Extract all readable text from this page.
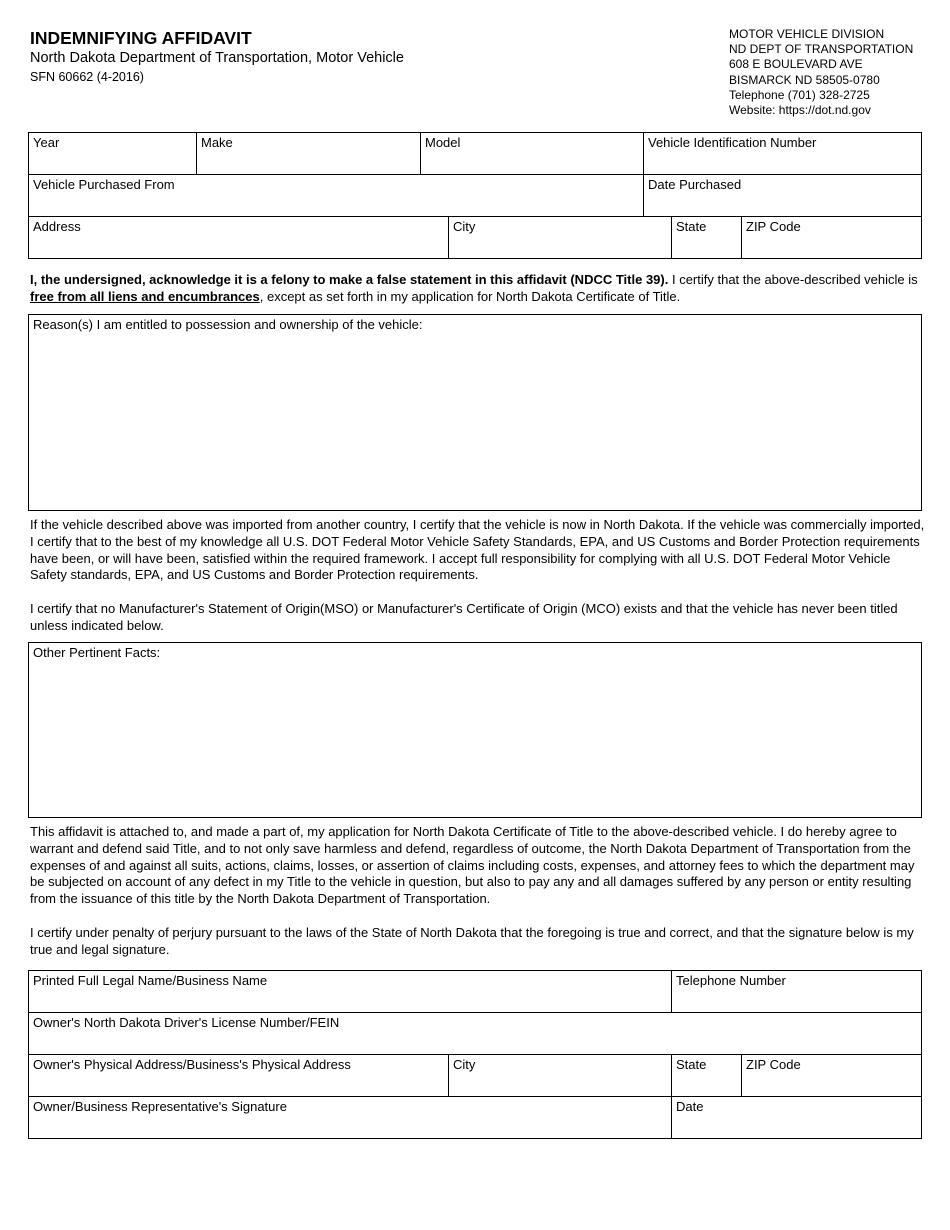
INDEMNIFYING AFFIDAVIT
North Dakota Department of Transportation, Motor Vehicle
SFN 60662 (4-2016)
MOTOR VEHICLE DIVISION
ND DEPT OF TRANSPORTATION
608 E BOULEVARD AVE
BISMARCK ND 58505-0780
Telephone (701) 328-2725
Website: https://dot.nd.gov
Year	Make	Model	Vehicle Identification Number
Vehicle Purchased From	Date Purchased
Address	City	State	ZIP Code
I, the undersigned, acknowledge it is a felony to make a false statement in this affidavit (NDCC Title 39). I certify that the above-described vehicle is free from all liens and encumbrances, except as set forth in my application for North Dakota Certificate of Title.
Reason(s) I am entitled to possession and ownership of the vehicle:
If the vehicle described above was imported from another country, I certify that the vehicle is now in North Dakota. If the vehicle was commercially imported, I certify that to the best of my knowledge all U.S. DOT Federal Motor Vehicle Safety Standards, EPA, and US Customs and Border Protection requirements have been, or will have been, satisfied within the required framework. I accept full responsibility for complying with all U.S. DOT Federal Motor Vehicle Safety standards, EPA, and US Customs and Border Protection requirements.
I certify that no Manufacturer's Statement of Origin(MSO) or Manufacturer's Certificate of Origin (MCO) exists and that the vehicle has never been titled unless indicated below.
Other Pertinent Facts:
This affidavit is attached to, and made a part of, my application for North Dakota Certificate of Title to the above-described vehicle. I do hereby agree to warrant and defend said Title, and to not only save harmless and defend, regardless of outcome, the North Dakota Department of Transportation from the expenses of and against all suits, actions, claims, losses, or assertion of claims including costs, expenses, and attorney fees to which the department may be subjected on account of any defect in my Title to the vehicle in question, but also to pay any and all damages suffered by any person or entity resulting from the issuance of this title by the North Dakota Department of Transportation.
I certify under penalty of perjury pursuant to the laws of the State of North Dakota that the foregoing is true and correct, and that the signature below is my true and legal signature.
Printed Full Legal Name/Business Name	Telephone Number
Owner's North Dakota Driver's License Number/FEIN
Owner's Physical Address/Business's Physical Address	City	State	ZIP Code
Owner/Business Representative's Signature	Date
